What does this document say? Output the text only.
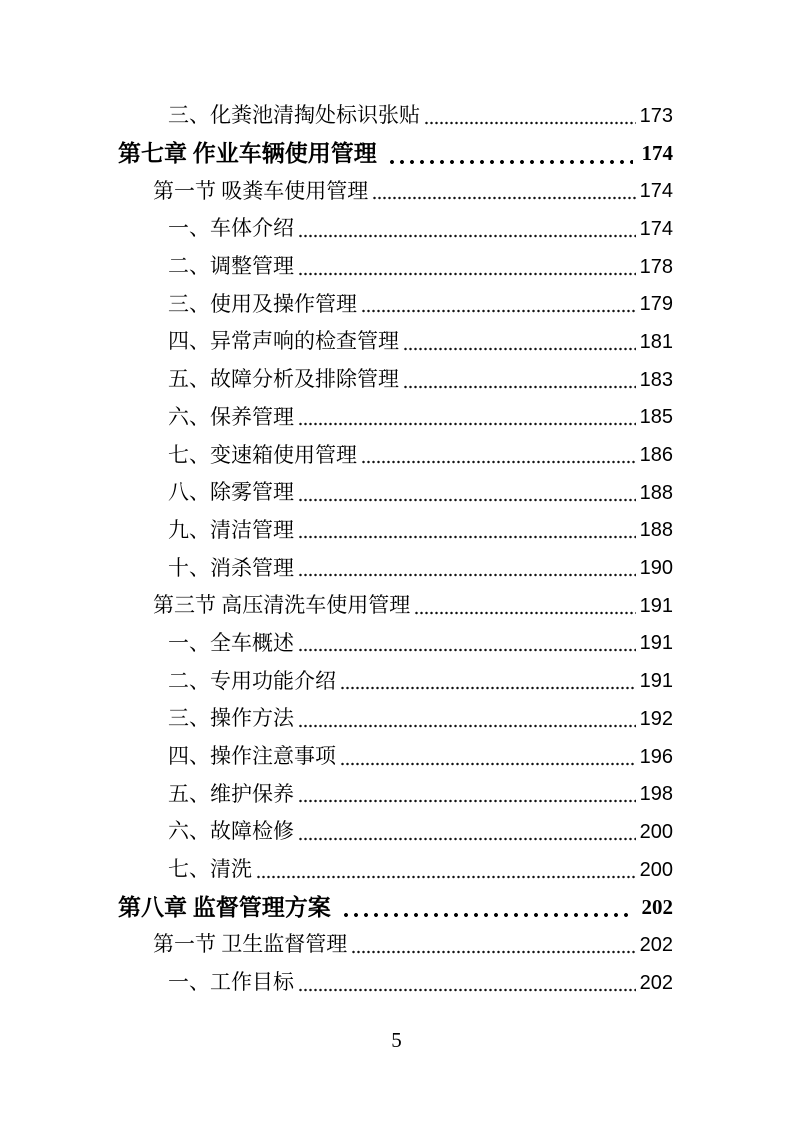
三、化粪池清掏处标识张贴	173
第七章 作业车辆使用管理	174
第一节 吸粪车使用管理	174
一、车体介绍	174
二、调整管理	178
三、使用及操作管理	179
四、异常声响的检查管理	181
五、故障分析及排除管理	183
六、保养管理	185
七、变速箱使用管理	186
八、除雾管理	188
九、清洁管理	188
十、消杀管理	190
第三节 高压清洗车使用管理	191
一、全车概述	191
二、专用功能介绍	191
三、操作方法	192
四、操作注意事项	196
五、维护保养	198
六、故障检修	200
七、清洗	200
第八章 监督管理方案	202
第一节 卫生监督管理	202
一、工作目标	202
5
